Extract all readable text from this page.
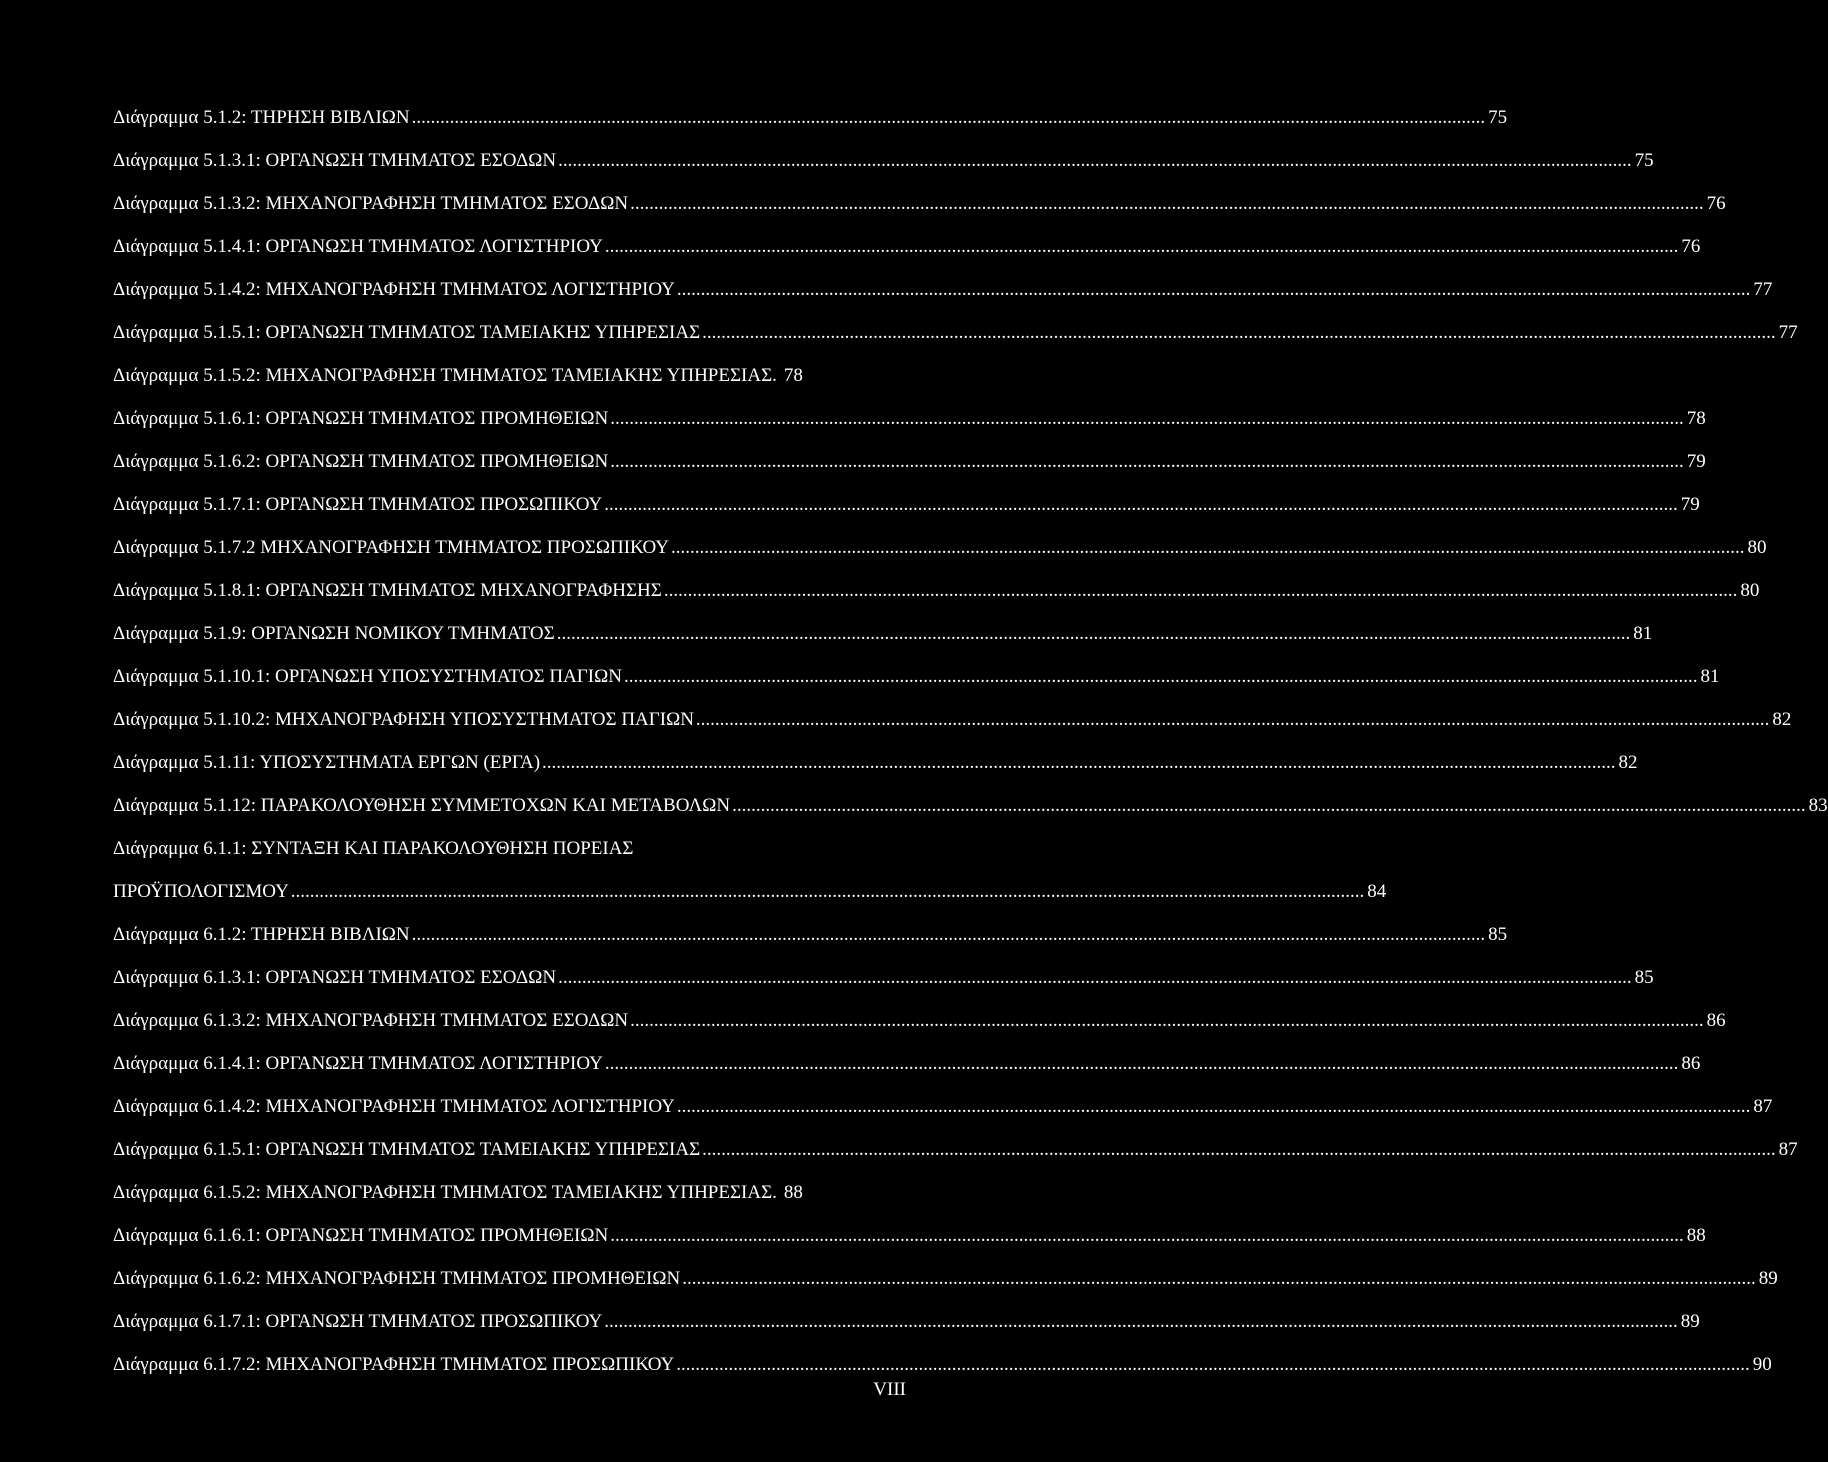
Διάγραμμα 5.1.2: ΤΗΡΗΣΗ ΒΙΒΛΙΩΝ .....	75
Διάγραμμα 5.1.3.1: ΟΡΓΑΝΩΣΗ ΤΜΗΜΑΤΟΣ ΕΣΟΔΩΝ .....	75
Διάγραμμα 5.1.3.2: ΜΗΧΑΝΟΓΡΑΦΗΣΗ ΤΜΗΜΑΤΟΣ ΕΣΟΔΩΝ .....	76
Διάγραμμα 5.1.4.1: ΟΡΓΑΝΩΣΗ ΤΜΗΜΑΤΟΣ ΛΟΓΙΣΤΗΡΙΟΥ .....	76
Διάγραμμα 5.1.4.2: ΜΗΧΑΝΟΓΡΑΦΗΣΗ ΤΜΗΜΑΤΟΣ ΛΟΓΙΣΤΗΡΙΟΥ .....	77
Διάγραμμα 5.1.5.1: ΟΡΓΑΝΩΣΗ ΤΜΗΜΑΤΟΣ ΤΑΜΕΙΑΚΗΣ ΥΠΗΡΕΣΙΑΣ .....	77
Διάγραμμα 5.1.5.2: ΜΗΧΑΝΟΓΡΑΦΗΣΗ ΤΜΗΜΑΤΟΣ ΤΑΜΕΙΑΚΗΣ ΥΠΗΡΕΣΙΑΣ. 78
Διάγραμμα 5.1.6.1: ΟΡΓΑΝΩΣΗ ΤΜΗΜΑΤΟΣ ΠΡΟΜΗΘΕΙΩΝ .....	78
Διάγραμμα 5.1.6.2: ΟΡΓΑΝΩΣΗ ΤΜΗΜΑΤΟΣ ΠΡΟΜΗΘΕΙΩΝ .....	79
Διάγραμμα 5.1.7.1: ΟΡΓΑΝΩΣΗ ΤΜΗΜΑΤΟΣ ΠΡΟΣΩΠΙΚΟΥ .....	79
Διάγραμμα 5.1.7.2 ΜΗΧΑΝΟΓΡΑΦΗΣΗ ΤΜΗΜΑΤΟΣ ΠΡΟΣΩΠΙΚΟΥ .....	80
Διάγραμμα 5.1.8.1: ΟΡΓΑΝΩΣΗ ΤΜΗΜΑΤΟΣ ΜΗΧΑΝΟΓΡΑΦΗΣΗΣ .....	80
Διάγραμμα 5.1.9: ΟΡΓΑΝΩΣΗ ΝΟΜΙΚΟΥ ΤΜΗΜΑΤΟΣ .....	81
Διάγραμμα 5.1.10.1: ΟΡΓΑΝΩΣΗ ΥΠΟΣΥΣΤΗΜΑΤΟΣ ΠΑΓΙΩΝ .....	81
Διάγραμμα 5.1.10.2: ΜΗΧΑΝΟΓΡΑΦΗΣΗ ΥΠΟΣΥΣΤΗΜΑΤΟΣ ΠΑΓΙΩΝ .....	82
Διάγραμμα 5.1.11: ΥΠΟΣΥΣΤΗΜΑΤΑ ΕΡΓΩΝ (ΕΡΓΑ) .....	82
Διάγραμμα 5.1.12: ΠΑΡΑΚΟΛΟΥΘΗΣΗ ΣΥΜΜΕΤΟΧΩΝ ΚΑΙ ΜΕΤΑΒΟΛΩΝ .....	83
Διάγραμμα 6.1.1: ΣΥΝΤΑΞΗ ΚΑΙ ΠΑΡΑΚΟΛΟΥΘΗΣΗ ΠΟΡΕΙΑΣ
ΠΡΟΫΠΟΛΟΓΙΣΜΟΥ .....	84
Διάγραμμα 6.1.2: ΤΗΡΗΣΗ ΒΙΒΛΙΩΝ .....	85
Διάγραμμα 6.1.3.1: ΟΡΓΑΝΩΣΗ ΤΜΗΜΑΤΟΣ ΕΣΟΔΩΝ .....	85
Διάγραμμα 6.1.3.2: ΜΗΧΑΝΟΓΡΑΦΗΣΗ ΤΜΗΜΑΤΟΣ ΕΣΟΔΩΝ .....	86
Διάγραμμα 6.1.4.1: ΟΡΓΑΝΩΣΗ ΤΜΗΜΑΤΟΣ ΛΟΓΙΣΤΗΡΙΟΥ .....	86
Διάγραμμα 6.1.4.2: ΜΗΧΑΝΟΓΡΑΦΗΣΗ ΤΜΗΜΑΤΟΣ ΛΟΓΙΣΤΗΡΙΟΥ .....	87
Διάγραμμα 6.1.5.1: ΟΡΓΑΝΩΣΗ ΤΜΗΜΑΤΟΣ ΤΑΜΕΙΑΚΗΣ ΥΠΗΡΕΣΙΑΣ .....	87
Διάγραμμα 6.1.5.2: ΜΗΧΑΝΟΓΡΑΦΗΣΗ ΤΜΗΜΑΤΟΣ ΤΑΜΕΙΑΚΗΣ ΥΠΗΡΕΣΙΑΣ. 88
Διάγραμμα 6.1.6.1: ΟΡΓΑΝΩΣΗ ΤΜΗΜΑΤΟΣ ΠΡΟΜΗΘΕΙΩΝ .....	88
Διάγραμμα 6.1.6.2: ΜΗΧΑΝΟΓΡΑΦΗΣΗ ΤΜΗΜΑΤΟΣ ΠΡΟΜΗΘΕΙΩΝ .....	89
Διάγραμμα 6.1.7.1: ΟΡΓΑΝΩΣΗ ΤΜΗΜΑΤΟΣ ΠΡΟΣΩΠΙΚΟΥ .....	89
Διάγραμμα 6.1.7.2: ΜΗΧΑΝΟΓΡΑΦΗΣΗ ΤΜΗΜΑΤΟΣ ΠΡΟΣΩΠΙΚΟΥ .....	90
VIII
